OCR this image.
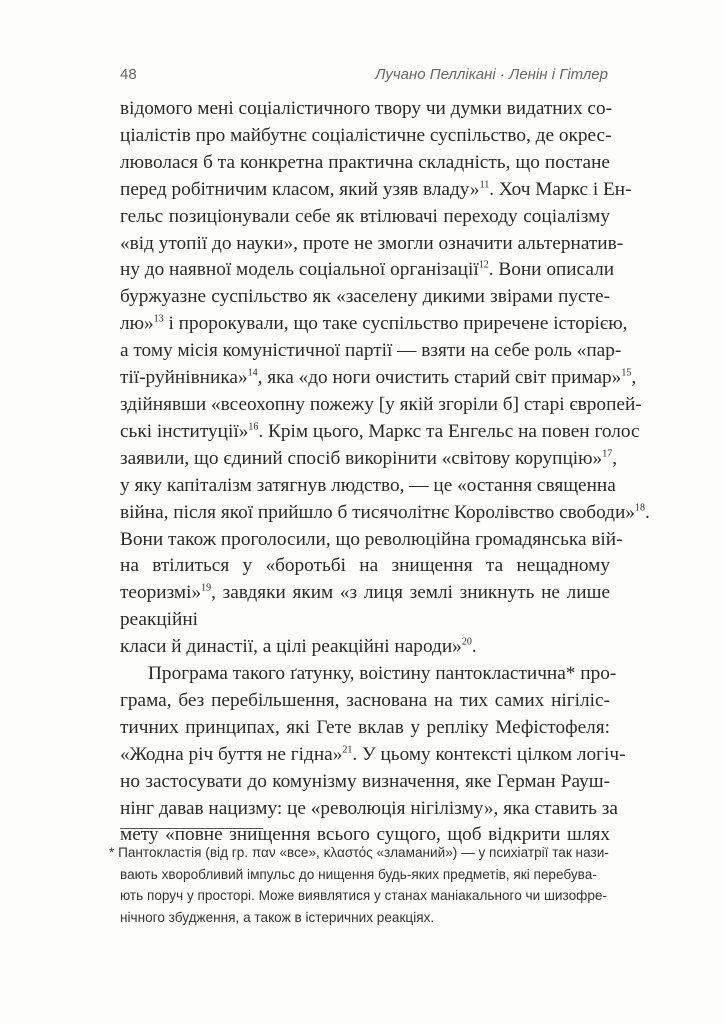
48	Лучано Пеллікані · Ленін і Гітлер
відомого мені соціалістичного твору чи думки видатних со-
ціалістів про майбутнє соціалістичне суспільство, де окрес-
люволася б та конкретна практична складність, що постане
перед робітничим класом, який узяв владу»$^{11}$. Хоч Маркс і Ен-
гельс позиціонували себе як втілювачі переходу соціалізму
«від утопії до науки», проте не змогли означити альтернатив-
ну до наявної модель соціальної організації$^{12}$. Вони описали
буржуазне суспільство як «заселену дикими звірами пусте-
лю»$^{13}$ і пророкували, що таке суспільство приречене історією,
а тому місія комуністичної партії — взяти на себе роль «пар-
тії-руйнівника»$^{14}$, яка «до ноги очистить старий світ примар»$^{15}$,
здійнявши «всеохопну пожежу [у якій згоріли б] старі європей-
ські інституції»$^{16}$. Крім цього, Маркс та Енгельс на повен голос
заявили, що єдиний спосіб викорінити «світову корупцію»$^{17}$,
у яку капіталізм затягнув людство, — це «остання священна
війна, після якої прийшло б тисячолітнє Королівство свободи»$^{18}$.
Вони також проголосили, що революційна громадянська вій-
на втілиться у «боротьбі на знищення та нещадному теоризмі»$^{19}$, завдяки яким «з лиця землі зникнуть не лише реакційні
класи й династії, а цілі реакційні народи»$^{20}$.
Програма такого ґатунку, воістину пантокластична* про-
грама, без перебільшення, заснована на тих самих нігіліс-
тичних принципах, які Гете вклав у репліку Мефістофеля:
«Жодна річ буття не гідна»$^{21}$. У цьому контексті цілком логіч-
но застосувати до комунізму визначення, яке Герман Рауш-
нінг давав нацизму: це «революція нігілізму», яка ставить за
мету «повне знищення всього сущого, щоб відкрити шлях
* Пантокластія (від гр. παν «все», κλαστός «зламаний») — у психіатрії так нази-
вають хворобливий імпульс до нищення будь-яких предметів, які перебува-
ють поруч у просторі. Може виявлятися у станах маніакального чи шизофре-
нічного збудження, а також в істеричних реакціях.
